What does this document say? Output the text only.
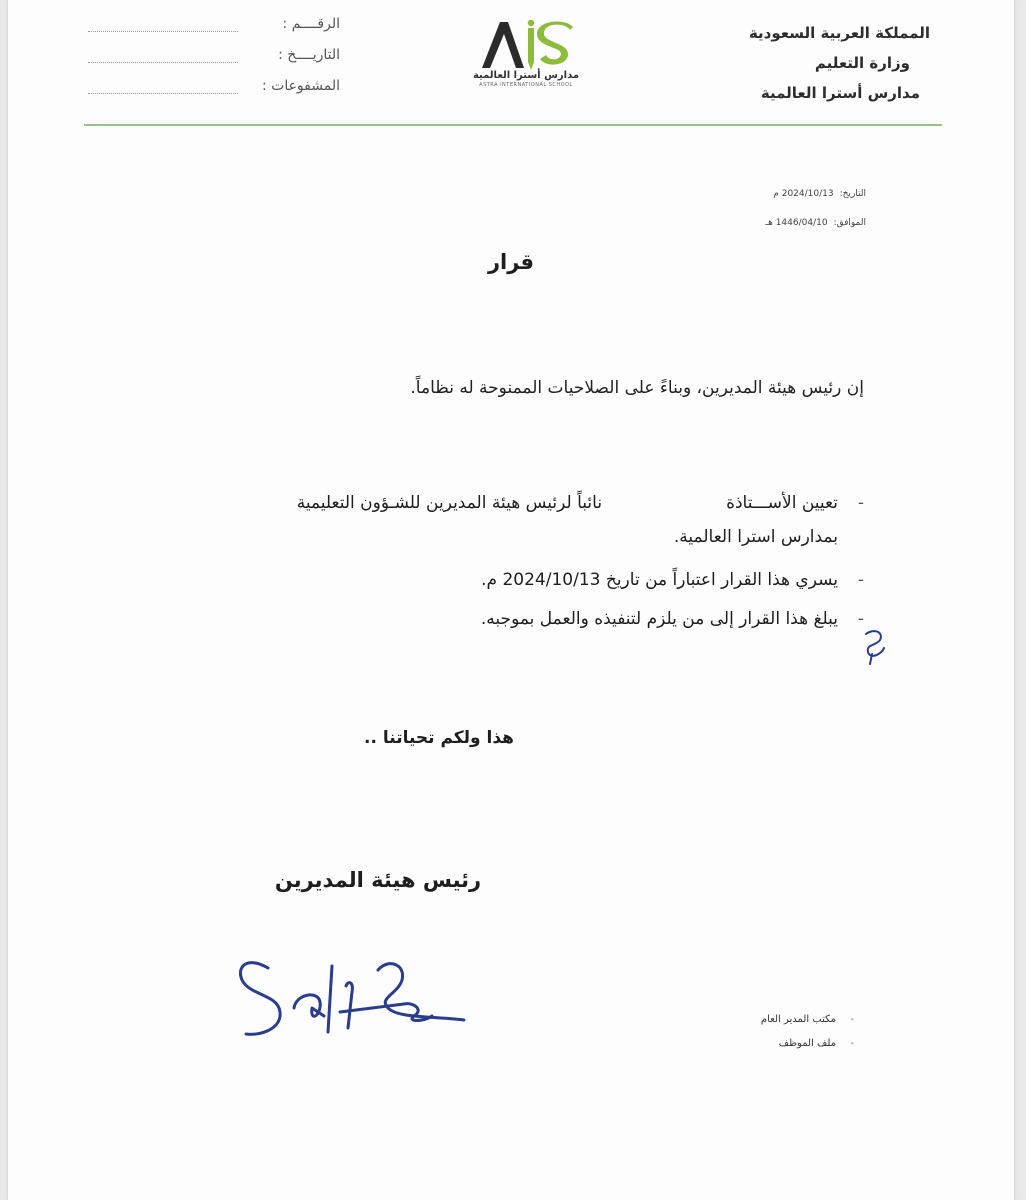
المملكة العربية السعودية
وزارة التعليم
مدارس أسترا العالمية
مدارس أسترا العالمية
ASTRA INTERNATIONAL SCHOOL
الرقــــم :
التاريــــخ :
المشفوعات :
التاريخ:2024/10/13 م
الموافق:1446/04/10 هـ
قرار
إن رئيس هيئة المديرين، وبناءً على الصلاحيات الممنوحة له نظاماً.
-
تعيين الأســـتاذةنائباً لرئيس هيئة المديرين للشـؤون التعليمية
بمدارس استرا العالمية.
-
يسري هذا القرار اعتباراً من تاريخ 2024/10/13 م.
-
يبلغ هذا القرار إلى من يلزم لتنفيذه والعمل بموجبه.
هذا ولكم تحياتنا ..
رئيس هيئة المديرين
- مكتب المدير العام
- ملف الموظف
